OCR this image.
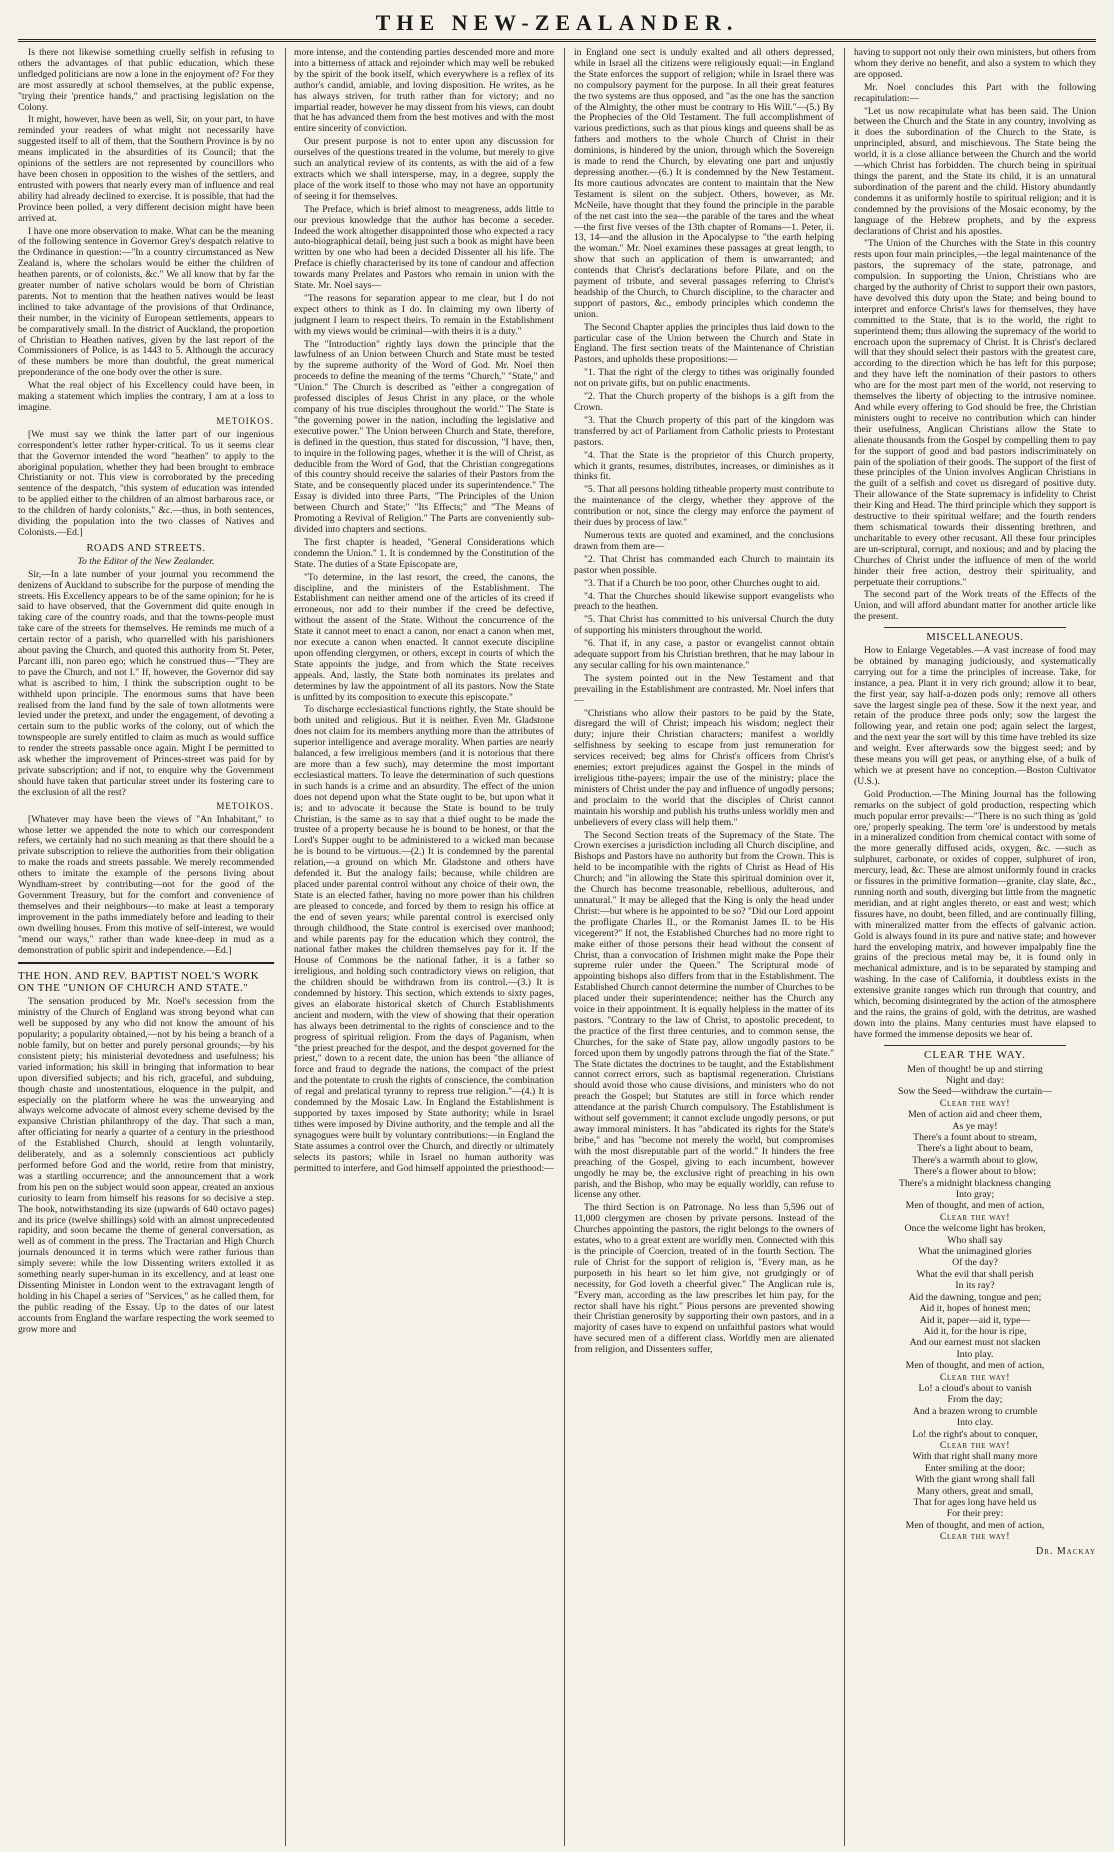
THE NEW-ZEALANDER.

Is there not likewise something cruelly selfish in refusing to others the advantages of that public education, which these unfledged politicians are now a lone in the enjoyment of? For they are most assuredly at school themselves, at the public expense, "trying their 'prentice hands," and practising legislation on the Colony.

It might, however, have been as well, Sir, on your part, to have reminded your readers of what might not necessarily have suggested itself to all of them, that the Southern Province is by no means implicated in the absurdities of its Council; that the opinions of the settlers are not represented by councillors who have been chosen in opposition to the wishes of the settlers, and entrusted with powers that nearly every man of influence and real ability had already declined to exercise. It is possible, that had the Province been polled, a very different decision might have been arrived at.

I have one more observation to make. What can be the meaning of the following sentence in Governor Grey's despatch relative to the Ordinance in question:—"In a country circumstanced as New Zealand is, where the scholars would be either the children of heathen parents, or of colonists, &c." We all know that by far the greater number of native scholars would be born of Christian parents. Not to mention that the heathen natives would be least inclined to take advantage of the provisions of that Ordinance, their number, in the vicinity of European settlements, appears to be comparatively small. In the district of Auckland, the proportion of Christian to Heathen natives, given by the last report of the Commissioners of Police, is as 1443 to 5. Although the accuracy of these numbers be more than doubtful, the great numerical preponderance of the one body over the other is sure.

What the real object of his Excellency could have been, in making a statement which implies the contrary, I am at a loss to imagine.

METOIKOS.

[We must say we think the latter part of our ingenious correspondent's letter rather hyper-critical. To us it seems clear that the Governor intended the word "heathen" to apply to the aboriginal population, whether they had been brought to embrace Christianity or not. This view is corroborated by the preceding sentence of the despatch, "this system of education was intended to be applied either to the children of an almost barbarous race, or to the children of hardy colonists," &c.—thus, in both sentences, dividing the population into the two classes of Natives and Colonists.—Ed.]

ROADS AND STREETS.
To the Editor of the New Zealander.

Sir,—In a late number of your journal you recommend the denizens of Auckland to subscribe for the purpose of mending the streets. His Excellency appears to be of the same opinion; for he is said to have observed, that the Government did quite enough in taking care of the country roads, and that the towns-people must take care of the streets for themselves. He reminds me much of a certain rector of a parish, who quarrelled with his parishioners about paving the Church, and quoted this authority from St. Peter, Parcant illi, non pareo ego; which he construed thus—"They are to pave the Church, and not I." If, however, the Governor did say what is ascribed to him, I think the subscription ought to be withheld upon principle. The enormous sums that have been realised from the land fund by the sale of town allotments were levied under the pretext, and under the engagement, of devoting a certain sum to the public works of the colony, out of which the townspeople are surely entitled to claim as much as would suffice to render the streets passable once again. Might I be permitted to ask whether the improvement of Princes-street was paid for by private subscription; and if not, to enquire why the Government should have taken that particular street under its fostering care to the exclusion of all the rest?

METOIKOS.

[Whatever may have been the views of "An Inhabitant," to whose letter we appended the note to which our correspondent refers, we certainly had no such meaning as that there should be a private subscription to relieve the authorities from their obligation to make the roads and streets passable. We merely recommended others to imitate the example of the persons living about Wyndham-street by contributing—not for the good of the Government Treasury, but for the comfort and convenience of themselves and their neighbours—to make at least a temporary improvement in the paths immediately before and leading to their own dwelling houses. From this motive of self-interest, we would "mend our ways," rather than wade knee-deep in mud as a demonstration of public spirit and independence.—Ed.]

THE HON. AND REV. BAPTIST NOEL'S WORK ON THE "UNION OF CHURCH AND STATE."

The sensation produced by Mr. Noel's secession from the ministry of the Church of England was strong beyond what can well be supposed by any who did not know the amount of his popularity; a popularity obtained,—not by his being a branch of a noble family, but on better and purely personal grounds;—by his consistent piety; his ministerial devotedness and usefulness; his varied information; his skill in bringing that information to bear upon diversified subjects; and his rich, graceful, and subduing, though chaste and unostentatious, eloquence in the pulpit, and especially on the platform where he was the unwearying and always welcome advocate of almost every scheme devised by the expansive Christian philanthropy of the day. That such a man, after officiating for nearly a quarter of a century in the priesthood of the Established Church, should at length voluntarily, deliberately, and as a solemnly conscientious act publicly performed before God and the world, retire from that ministry, was a startling occurrence; and the announcement that a work from his pen on the subject would soon appear, created an anxious curiosity to learn from himself his reasons for so decisive a step. The book, notwithstanding its size (upwards of 640 octavo pages) and its price (twelve shillings) sold with an almost unprecedented rapidity, and soon became the theme of general conversation, as well as of comment in the press. The Tractarian and High Church journals denounced it in terms which were rather furious than simply severe: while the low Dissenting writers extolled it as something nearly super-human in its excellency, and at least one Dissenting Minister in London went to the extravagant length of holding in his Chapel a series of "Services," as he called them, for the public reading of the Essay. Up to the dates of our latest accounts from England the warfare respecting the work seemed to grow more and

more intense, and the contending parties descended more and more into a bitterness of attack and rejoinder which may well be rebuked by the spirit of the book itself, which everywhere is a reflex of its author's candid, amiable, and loving disposition. He writes, as he has always striven, for truth rather than for victory; and no impartial reader, however he may dissent from his views, can doubt that he has advanced them from the best motives and with the most entire sincerity of conviction.

Our present purpose is not to enter upon any discussion for ourselves of the questions treated in the volume, but merely to give such an analytical review of its contents, as with the aid of a few extracts which we shall intersperse, may, in a degree, supply the place of the work itself to those who may not have an opportunity of seeing it for themselves.

The Preface, which is brief almost to meagreness, adds little to our previous knowledge that the author has become a seceder. Indeed the work altogether disappointed those who expected a racy auto-biographical detail, being just such a book as might have been written by one who had been a decided Dissenter all his life. The Preface is chiefly characterised by its tone of candour and affection towards many Prelates and Pastors who remain in union with the State. Mr. Noel says—

"The reasons for separation appear to me clear, but I do not expect others to think as I do. In claiming my own liberty of judgment I learn to respect theirs. To remain in the Establishment with my views would be criminal—with theirs it is a duty."

The "Introduction" rightly lays down the principle that the lawfulness of an Union between Church and State must be tested by the supreme authority of the Word of God. Mr. Noel then proceeds to define the meaning of the terms "Church," "State," and "Union." The Church is described as "either a congregation of professed disciples of Jesus Christ in any place, or the whole company of his true disciples throughout the world." The State is "the governing power in the nation, including the legislative and executive power." The Union between Church and State, therefore, is defined in the question, thus stated for discussion, "I have, then, to inquire in the following pages, whether it is the will of Christ, as deducible from the Word of God, that the Christian congregations of this country should receive the salaries of their Pastors from the State, and be consequently placed under its superintendence." The Essay is divided into three Parts, "The Principles of the Union between Church and State;" "Its Effects;" and "The Means of Promoting a Revival of Religion." The Parts are conveniently sub-divided into chapters and sections.

The first chapter is headed, "General Considerations which condemn the Union." 1. It is condemned by the Constitution of the State. The duties of a State Episcopate are,

"To determine, in the last resort, the creed, the canons, the discipline, and the ministers of the Establishment. The Establishment can neither amend one of the articles of its creed if erroneous, nor add to their number if the creed be defective, without the assent of the State. Without the concurrence of the State it cannot meet to enact a canon, nor enact a canon when met, nor execute a canon when enacted. It cannot execute discipline upon offending clergymen, or others, except in courts of which the State appoints the judge, and from which the State receives appeals. And, lastly, the State both nominates its prelates and determines by law the appointment of all its pastors. Now the State is unfitted by its composition to execute this episcopate."

To discharge ecclesiastical functions rightly, the State should be both united and religious. But it is neither. Even Mr. Gladstone does not claim for its members anything more than the attributes of superior intelligence and average morality. When parties are nearly balanced, a few irreligious members (and it is notorious that there are more than a few such), may determine the most important ecclesiastical matters. To leave the determination of such questions in such hands is a crime and an absurdity. The effect of the union does not depend upon what the State ought to be, but upon what it is; and to advocate it because the State is bound to be truly Christian, is the same as to say that a thief ought to be made the trustee of a property because he is bound to be honest, or that the Lord's Supper ought to be administered to a wicked man because he is bound to be virtuous.—(2.) It is condemned by the parental relation,—a ground on which Mr. Gladstone and others have defended it. But the analogy fails; because, while children are placed under parental control without any choice of their own, the State is an elected father, having no more power than his children are pleased to concede, and forced by them to resign his office at the end of seven years; while parental control is exercised only through childhood, the State control is exercised over manhood; and while parents pay for the education which they control, the national father makes the children themselves pay for it. If the House of Commons be the national father, it is a father so irreligious, and holding such contradictory views on religion, that the children should be withdrawn from its control.—(3.) It is condemned by history. This section, which extends to sixty pages, gives an elaborate historical sketch of Church Establishments ancient and modern, with the view of showing that their operation has always been detrimental to the rights of conscience and to the progress of spiritual religion. From the days of Paganism, when "the priest preached for the despot, and the despot governed for the priest," down to a recent date, the union has been "the alliance of force and fraud to degrade the nations, the compact of the priest and the potentate to crush the rights of conscience, the combination of regal and prelatical tyranny to repress true religion."—(4.) It is condemned by the Mosaic Law. In England the Establishment is supported by taxes imposed by State authority; while in Israel tithes were imposed by Divine authority, and the temple and all the synagogues were built by voluntary contributions:—in England the State assumes a control over the Church, and directly or ultimately selects its pastors; while in Israel no human authority was permitted to interfere, and God himself appointed the priesthood:—

in England one sect is unduly exalted and all others depressed, while in Israel all the citizens were religiously equal:—in England the State enforces the support of religion; while in Israel there was no compulsory payment for the purpose. In all their great features the two systems are thus opposed, and "as the one has the sanction of the Almighty, the other must be contrary to His Will."—(5.) By the Prophecies of the Old Testament. The full accomplishment of various predictions, such as that pious kings and queens shall be as fathers and mothers to the whole Church of Christ in their dominions, is hindered by the union, through which the Sovereign is made to rend the Church, by elevating one part and unjustly depressing another.—(6.) It is condemned by the New Testament. Its more cautious advocates are content to maintain that the New Testament is silent on the subject. Others, however, as Mr. McNeile, have thought that they found the principle in the parable of the net cast into the sea—the parable of the tares and the wheat—the first five verses of the 13th chapter of Romans—1. Peter, ii. 13, 14—and the allusion in the Apocalypse to "the earth helping the woman." Mr. Noel examines these passages at great length, to show that such an application of them is unwarranted; and contends that Christ's declarations before Pilate, and on the payment of tribute, and several passages referring to Christ's headship of the Church, to Church discipline, to the character and support of pastors, &c., embody principles which condemn the union.

The Second Chapter applies the principles thus laid down to the particular case of the Union between the Church and State in England. The first section treats of the Maintenance of Christian Pastors, and upholds these propositions:—

"1. That the right of the clergy to tithes was originally founded not on private gifts, but on public enactments.

"2. That the Church property of the bishops is a gift from the Crown.

"3. That the Church property of this part of the kingdom was transferred by act of Parliament from Catholic priests to Protestant pastors.

"4. That the State is the proprietor of this Church property, which it grants, resumes, distributes, increases, or diminishes as it thinks fit.

"5. That all persons holding titheable property must contribute to the maintenance of the clergy, whether they approve of the contribution or not, since the clergy may enforce the payment of their dues by process of law."

Numerous texts are quoted and examined, and the conclusions drawn from them are—

"2. That Christ has commanded each Church to maintain its pastor when possible.

"3. That if a Church be too poor, other Churches ought to aid.

"4. That the Churches should likewise support evangelists who preach to the heathen.

"5. That Christ has committed to his universal Church the duty of supporting his ministers throughout the world.

"6. That if, in any case, a pastor or evangelist cannot obtain adequate support from his Christian brethren, that he may labour in any secular calling for his own maintenance."

The system pointed out in the New Testament and that prevailing in the Establishment are contrasted. Mr. Noel infers that—

"Christians who allow their pastors to be paid by the State, disregard the will of Christ; impeach his wisdom; neglect their duty; injure their Christian characters; manifest a worldly selfishness by seeking to escape from just remuneration for services received; beg alms for Christ's officers from Christ's enemies; extort prejudices against the Gospel in the minds of irreligious tithe-payers; impair the use of the ministry; place the ministers of Christ under the pay and influence of ungodly persons; and proclaim to the world that the disciples of Christ cannot maintain his worship and publish his truths unless worldly men and unbelievers of every class will help them."

The Second Section treats of the Supremacy of the State. The Crown exercises a jurisdiction including all Church discipline, and Bishops and Pastors have no authority but from the Crown. This is held to be incompatible with the rights of Christ as Head of His Church; and "in allowing the State this spiritual dominion over it, the Church has become treasonable, rebellious, adulterous, and unnatural." It may be alleged that the King is only the head under Christ:—but where is he appointed to be so? "Did our Lord appoint the profligate Charles II., or the Romanist James II. to be His vicegerent?" If not, the Established Churches had no more right to make either of those persons their head without the consent of Christ, than a convocation of Irishmen might make the Pope their supreme ruler under the Queen." The Scriptural mode of appointing bishops also differs from that in the Establishment. The Established Church cannot determine the number of Churches to be placed under their superintendence; neither has the Church any voice in their appointment. It is equally helpless in the matter of its pastors. "Contrary to the law of Christ, to apostolic precedent, to the practice of the first three centuries, and to common sense, the Churches, for the sake of State pay, allow ungodly pastors to be forced upon them by ungodly patrons through the fiat of the State." The State dictates the doctrines to be taught, and the Establishment cannot correct errors, such as baptismal regeneration. Christians should avoid those who cause divisions, and ministers who do not preach the Gospel; but Statutes are still in force which render attendance at the parish Church compulsory. The Establishment is without self government; it cannot exclude ungodly persons, or put away immoral ministers. It has "abdicated its rights for the State's bribe," and has "become not merely the world, but compromises with the most disreputable part of the world." It hinders the free preaching of the Gospel, giving to each incumbent, however ungodly he may be, the exclusive right of preaching in his own parish, and the Bishop, who may be equally worldly, can refuse to license any other.

The third Section is on Patronage. No less than 5,596 out of 11,000 clergymen are chosen by private persons. Instead of the Churches appointing the pastors, the right belongs to the owners of estates, who to a great extent are worldly men. Connected with this is the principle of Coercion, treated of in the fourth Section. The rule of Christ for the support of religion is, "Every man, as he purposeth in his heart so let him give, not grudgingly or of necessity, for God loveth a cheerful giver." The Anglican rule is, "Every man, according as the law prescribes let him pay, for the rector shall have his right." Pious persons are prevented showing their Christian generosity by supporting their own pastors, and in a majority of cases have to expend on unfaithful pastors what would have secured men of a different class. Worldly men are alienated from religion, and Dissenters suffer,

having to support not only their own ministers, but others from whom they derive no benefit, and also a system to which they are opposed.

Mr. Noel concludes this Part with the following recapitulation:—

"Let us now recapitulate what has been said. The Union between the Church and the State in any country, involving as it does the subordination of the Church to the State, is unprincipled, absurd, and mischievous. The State being the world, it is a close alliance between the Church and the world—which Christ has forbidden. The church being in spiritual things the parent, and the State its child, it is an unnatural subordination of the parent and the child. History abundantly condemns it as uniformly hostile to spiritual religion; and it is condemned by the provisions of the Mosaic economy, by the language of the Hebrew prophets, and by the express declarations of Christ and his apostles.

"The Union of the Churches with the State in this country rests upon four main principles,—the legal maintenance of the pastors, the supremacy of the state, patronage, and compulsion. In supporting the Union, Christians who are charged by the authority of Christ to support their own pastors, have devolved this duty upon the State; and being bound to interpret and enforce Christ's laws for themselves, they have committed to the State, that is to the world, the right to superintend them; thus allowing the supremacy of the world to encroach upon the supremacy of Christ. It is Christ's declared will that they should select their pastors with the greatest care, according to the direction which he has left for this purpose; and they have left the nomination of their pastors to others who are for the most part men of the world, not reserving to themselves the liberty of objecting to the intrusive nominee. And while every offering to God should be free, the Christian ministers ought to receive no contribution which can hinder their usefulness, Anglican Christians allow the State to alienate thousands from the Gospel by compelling them to pay for the support of good and bad pastors indiscriminately on pain of the spoliation of their goods. The support of the first of these principles of the Union involves Anglican Christians in the guilt of a selfish and covet us disregard of positive duty. Their allowance of the State supremacy is infidelity to Christ their King and Head. The third principle which they support is destructive to their spiritual welfare; and the fourth renders them schismatical towards their dissenting brethren, and uncharitable to every other recusant. All these four principles are un-scriptural, corrupt, and noxious; and and by placing the Churches of Christ under the influence of men of the world hinder their free action, destroy their spirituality, and perpetuate their corruptions."

The second part of the Work treats of the Effects of the Union, and will afford abundant matter for another article like the present.

MISCELLANEOUS.

How to Enlarge Vegetables.—A vast increase of food may be obtained by managing judiciously, and systematically carrying out for a time the principles of increase. Take, for instance, a pea. Plant it in very rich ground; allow it to bear, the first year, say half-a-dozen pods only; remove all others save the largest single pea of these. Sow it the next year, and retain of the produce three pods only; sow the largest the following year, and retain one pod; again select the largest, and the next year the sort will by this time have trebled its size and weight. Ever afterwards sow the biggest seed; and by these means you will get peas, or anything else, of a bulk of which we at present have no conception.—Boston Cultivator (U.S.).

Gold Production.—The Mining Journal has the following remarks on the subject of gold production, respecting which much popular error prevails:—"There is no such thing as 'gold ore,' properly speaking. The term 'ore' is understood by metals in a mineralized condition from chemical contact with some of the more generally diffused acids, oxygen, &c. —such as sulphuret, carbonate, or oxides of copper, sulphuret of iron, mercury, lead, &c. These are almost uniformly found in cracks or fissures in the primitive formation—granite, clay slate, &c., running north and south, diverging but little from the magnetic meridian, and at right angles thereto, or east and west; which fissures have, no doubt, been filled, and are continually filling, with mineralized matter from the effects of galvanic action. Gold is always found in its pure and native state; and however hard the enveloping matrix, and however impalpably fine the grains of the precious metal may be, it is found only in mechanical admixture, and is to be separated by stamping and washing. In the case of California, it doubtless exists in the extensive granite ranges which run through that country, and which, becoming disintegrated by the action of the atmosphere and the rains, the grains of gold, with the detritus, are washed down into the plains. Many centuries must have elapsed to have formed the immense deposits we hear of.

CLEAR THE WAY.

Men of thought! be up and stirring
Night and day:
Sow the Seed—withdraw the curtain—
Clear the way!
Men of action aid and cheer them,
As ye may!

There's a fount about to stream,
There's a light about to beam,
There's a warmth about to glow,
There's a flower about to blow;
There's a midnight blackness changing
Into gray;
Men of thought, and men of action,
Clear the way!

Once the welcome light has broken,
Who shall say
What the unimagined glories
Of the day?
What the evil that shall perish
In its ray?
Aid the dawning, tongue and pen;
Aid it, hopes of honest men;
Aid it, paper—aid it, type—
Aid it, for the hour is ripe,
And our earnest must not slacken
Into play.
Men of thought, and men of action,
Clear the way!

Lo! a cloud's about to vanish
From the day;
And a brazen wrong to crumble
Into clay.
Lo! the right's about to conquer,
Clear the way!
With that right shall many more
Enter smiling at the door;
With the giant wrong shall fall
Many others, great and small,
That for ages long have held us
For their prey:
Men of thought, and men of action,
Clear the way!

Dr. Mackay
